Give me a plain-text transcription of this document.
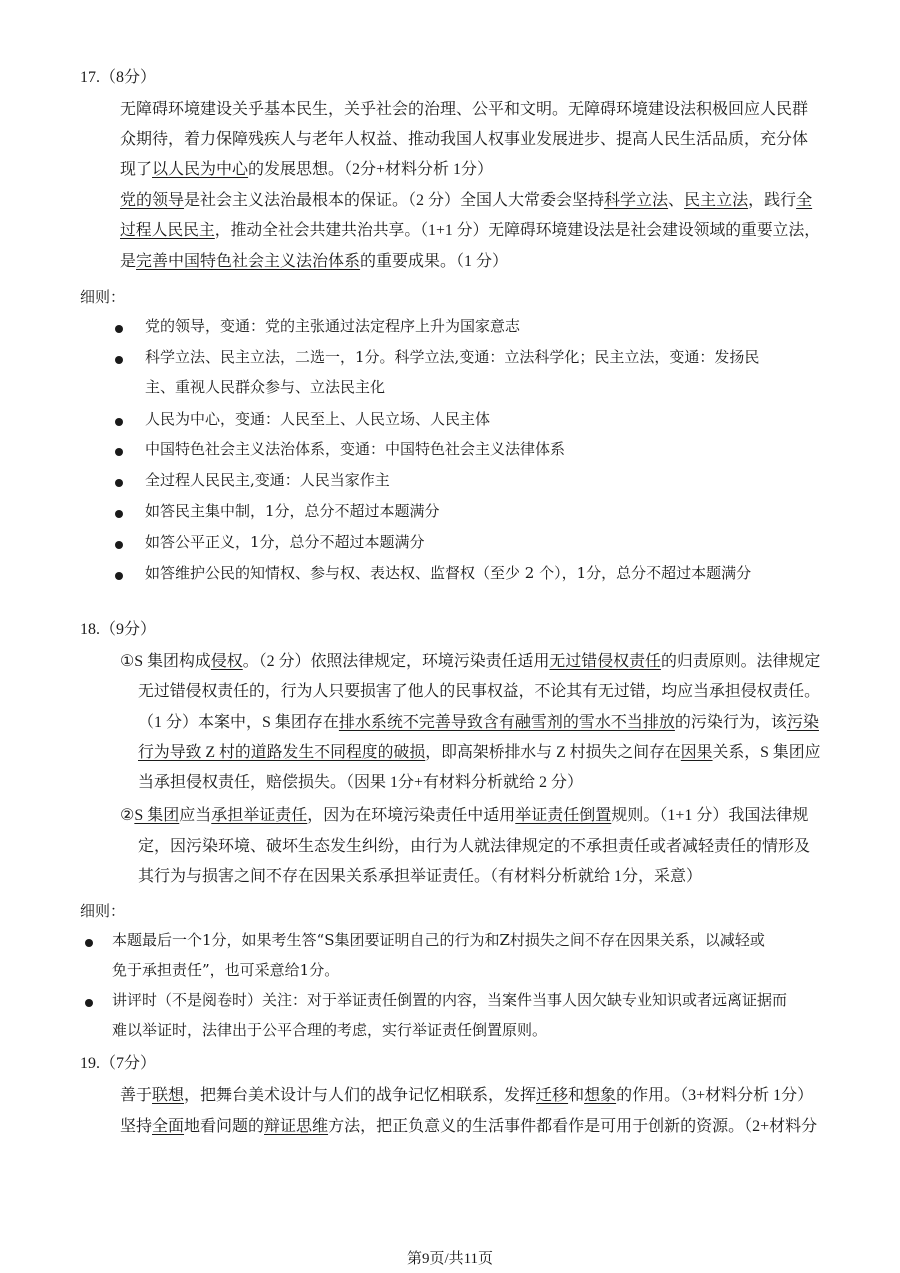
17.（8分）
无障碍环境建设关乎基本民生，关乎社会的治理、公平和文明。无障碍环境建设法积极回应人民群
众期待，着力保障残疾人与老年人权益、推动我国人权事业发展进步、提高人民生活品质，充分体
现了以人民为中心的发展思想。（2分+材料分析 1分）
党的领导是社会主义法治最根本的保证。（2 分）全国人大常委会坚持科学立法、民主立法，践行全
过程人民民主，推动全社会共建共治共享。（1+1 分）无障碍环境建设法是社会建设领域的重要立法，
是完善中国特色社会主义法治体系的重要成果。（1 分）
细则：
党的领导，变通：党的主张通过法定程序上升为国家意志
科学立法、民主立法，二选一，1分。科学立法,变通：立法科学化；民主立法，变通：发扬民
主、重视人民群众参与、立法民主化
人民为中心，变通：人民至上、人民立场、人民主体
中国特色社会主义法治体系，变通：中国特色社会主义法律体系
全过程人民民主,变通：人民当家作主
如答民主集中制，1分，总分不超过本题满分
如答公平正义，1分，总分不超过本题满分
如答维护公民的知情权、参与权、表达权、监督权（至少 2 个），1分，总分不超过本题满分
18.（9分）
①S 集团构成侵权。（2 分）依照法律规定，环境污染责任适用无过错侵权责任的归责原则。法律规定
无过错侵权责任的，行为人只要损害了他人的民事权益，不论其有无过错，均应当承担侵权责任。
（1 分）本案中，S 集团存在排水系统不完善导致含有融雪剂的雪水不当排放的污染行为，该污染
行为导致 Z 村的道路发生不同程度的破损，即高架桥排水与 Z 村损失之间存在因果关系，S 集团应
当承担侵权责任，赔偿损失。（因果 1分+有材料分析就给 2 分）
②S 集团应当承担举证责任，因为在环境污染责任中适用举证责任倒置规则。（1+1 分）我国法律规
定，因污染环境、破坏生态发生纠纷，由行为人就法律规定的不承担责任或者减轻责任的情形及
其行为与损害之间不存在因果关系承担举证责任。（有材料分析就给 1分，采意）
细则：
本题最后一个1分，如果考生答“S集团要证明自己的行为和Z村损失之间不存在因果关系，以减轻或
免于承担责任”，也可采意给1分。
讲评时（不是阅卷时）关注：对于举证责任倒置的内容，当案件当事人因欠缺专业知识或者远离证据而
难以举证时，法律出于公平合理的考虑，实行举证责任倒置原则。
19.（7分）
善于联想，把舞台美术设计与人们的战争记忆相联系，发挥迁移和想象的作用。（3+材料分析 1分）
坚持全面地看问题的辩证思维方法，把正负意义的生活事件都看作是可用于创新的资源。（2+材料分
第9页/共11页
